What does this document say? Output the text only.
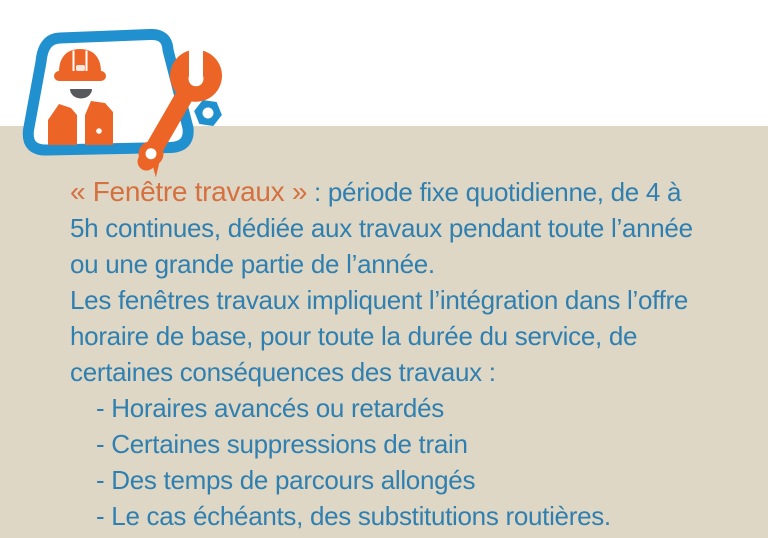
« Fenêtre travaux » : période fixe quotidienne, de 4 à
5h continues, dédiée aux travaux pendant toute l’année
ou une grande partie de l’année.
Les fenêtres travaux impliquent l’intégration dans l’offre
horaire de base, pour toute la durée du service, de
certaines conséquences des travaux :
- Horaires avancés ou retardés
- Certaines suppressions de train
- Des temps de parcours allongés
- Le cas échéants, des substitutions routières.
